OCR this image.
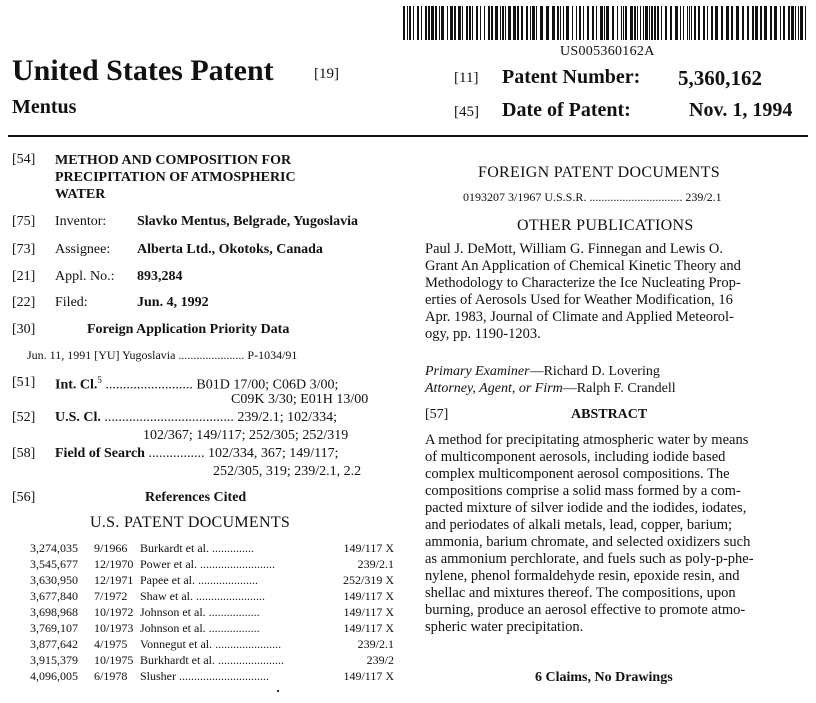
US005360162A
United States Patent	[19]
Mentus
[11] Patent Number: 5,360,162
[45] Date of Patent:	Nov. 1, 1994
[54] METHOD AND COMPOSITION FOR
PRECIPITATION OF ATMOSPHERIC
WATER
[75] Inventor: Slavko Mentus, Belgrade, Yugoslavia
[73] Assignee: Alberta Ltd., Okotoks, Canada
[21] Appl. No.: 893,284
[22] Filed:	Jun. 4, 1992
[30]	Foreign Application Priority Data
Jun. 11, 1991 [YU] Yugoslavia ...................... P-1034/91
[51] Int. Cl.$^5$ ......................... B01D 17/00; C06D 3/00;
C09K 3/30; E01H 13/00
[52] U.S. Cl. ..................................... 239/2.1; 102/334;
102/367; 149/117; 252/305; 252/319
[58] Field of Search ................ 102/334, 367; 149/117;
252/305, 319; 239/2.1, 2.2
[56]	References Cited
U.S. PATENT DOCUMENTS
3,274,035 9/1966 Burkardt et al. ..............	149/117 X
3,545,677 12/1970 Power et al. .........................	239/2.1
3,630,950 12/1971 Papee et al. ....................	252/319 X
3,677,840 7/1972 Shaw et al. .......................	149/117 X
3,698,968 10/1972 Johnson et al. .................	149/117 X
3,769,107 10/1973 Johnson et al. .................	149/117 X
3,877,642 4/1975 Vonnegut et al. ......................	239/2.1
3,915,379 10/1975 Burkhardt et al. ......................	239/2
4,096,005 6/1978 Slusher ..............................	149/117 X
FOREIGN PATENT DOCUMENTS
0193207 3/1967 U.S.S.R. ............................... 239/2.1
OTHER PUBLICATIONS
Paul J. DeMott, William G. Finnegan and Lewis O.
Grant An Application of Chemical Kinetic Theory and
Methodology to Characterize the Ice Nucleating Prop-
erties of Aerosols Used for Weather Modification, 16
Apr. 1983, Journal of Climate and Applied Meteorol-
ogy, pp. 1190-1203.
Primary Examiner—Richard D. Lovering
Attorney, Agent, or Firm—Ralph F. Crandell
[57]	ABSTRACT
A method for precipitating atmospheric water by means
of multicomponent aerosols, including iodide based
complex multicomponent aerosol compositions. The
compositions comprise a solid mass formed by a com-
pacted mixture of silver iodide and the iodides, iodates,
and periodates of alkali metals, lead, copper, barium;
ammonia, barium chromate, and selected oxidizers such
as ammonium perchlorate, and fuels such as poly-p-phe-
nylene, phenol formaldehyde resin, epoxide resin, and
shellac and mixtures thereof. The compositions, upon
burning, produce an aerosol effective to promote atmo-
spheric water precipitation.
6 Claims, No Drawings
